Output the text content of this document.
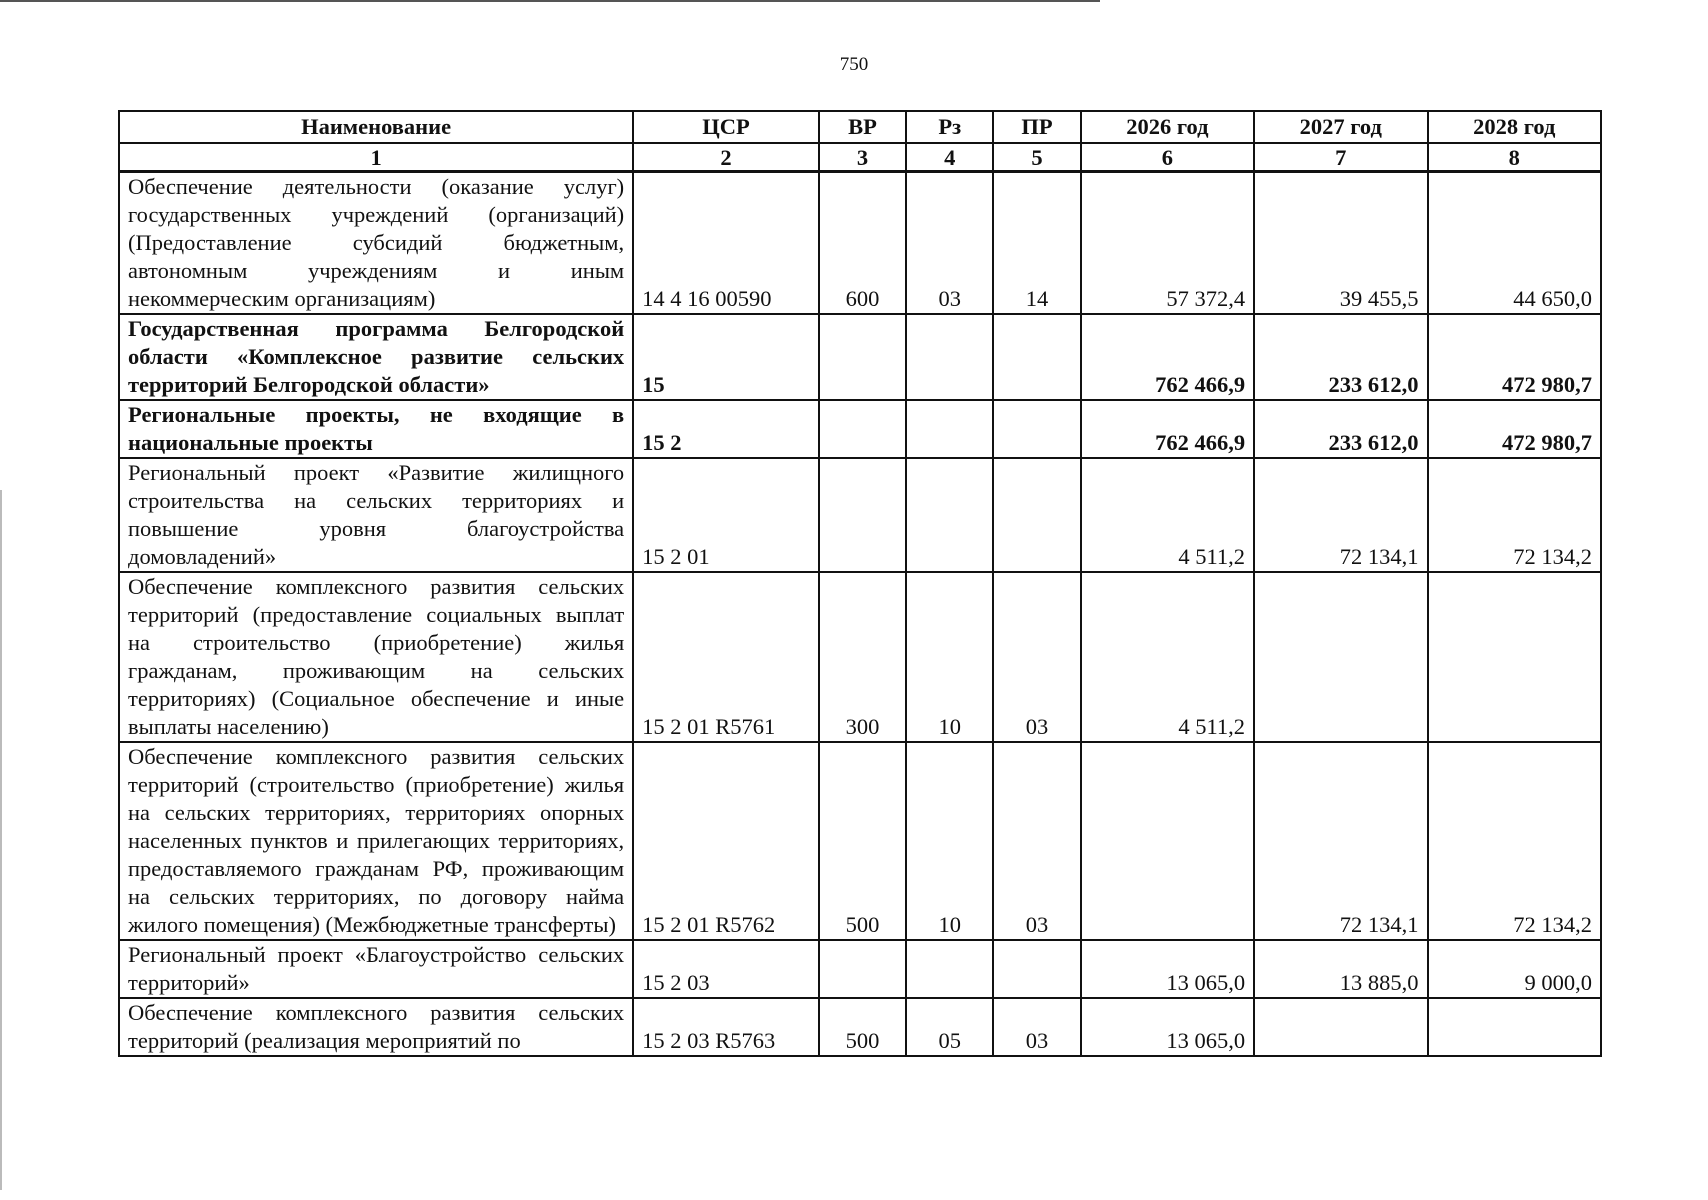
750
Наименование	ЦСР	ВР	Рз	ПР	2026 год	2027 год	2028 год
1	2	3	4	5	6	7	8
Обеспечение деятельности (оказание услуг) государственных учреждений (организаций) (Предоставление субсидий бюджетным, автономным учреждениям и иным некоммерческим организациям)	14 4 16 00590	600	03	14	57 372,4	39 455,5	44 650,0
Государственная программа Белгородской области «Комплексное развитие сельских территорий Белгородской области»	15				762 466,9	233 612,0	472 980,7
Региональные проекты, не входящие в национальные проекты	15 2				762 466,9	233 612,0	472 980,7
Региональный проект «Развитие жилищного строительства на сельских территориях и повышение уровня благоустройства домовладений»	15 2 01				4 511,2	72 134,1	72 134,2
Обеспечение комплексного развития сельских территорий (предоставление социальных выплат на строительство (приобретение) жилья гражданам, проживающим на сельских территориях) (Социальное обеспечение и иные выплаты населению)	15 2 01 R5761	300	10	03	4 511,2		
Обеспечение комплексного развития сельских территорий (строительство (приобретение) жилья на сельских территориях, территориях опорных населенных пунктов и прилегающих территориях, предоставляемого гражданам РФ, проживающим на сельских территориях, по договору найма жилого помещения) (Межбюджетные трансферты)	15 2 01 R5762	500	10	03		72 134,1	72 134,2
Региональный проект «Благоустройство сельских территорий»	15 2 03				13 065,0	13 885,0	9 000,0
Обеспечение комплексного развития сельских территорий (реализация мероприятий по	15 2 03 R5763	500	05	03	13 065,0		
